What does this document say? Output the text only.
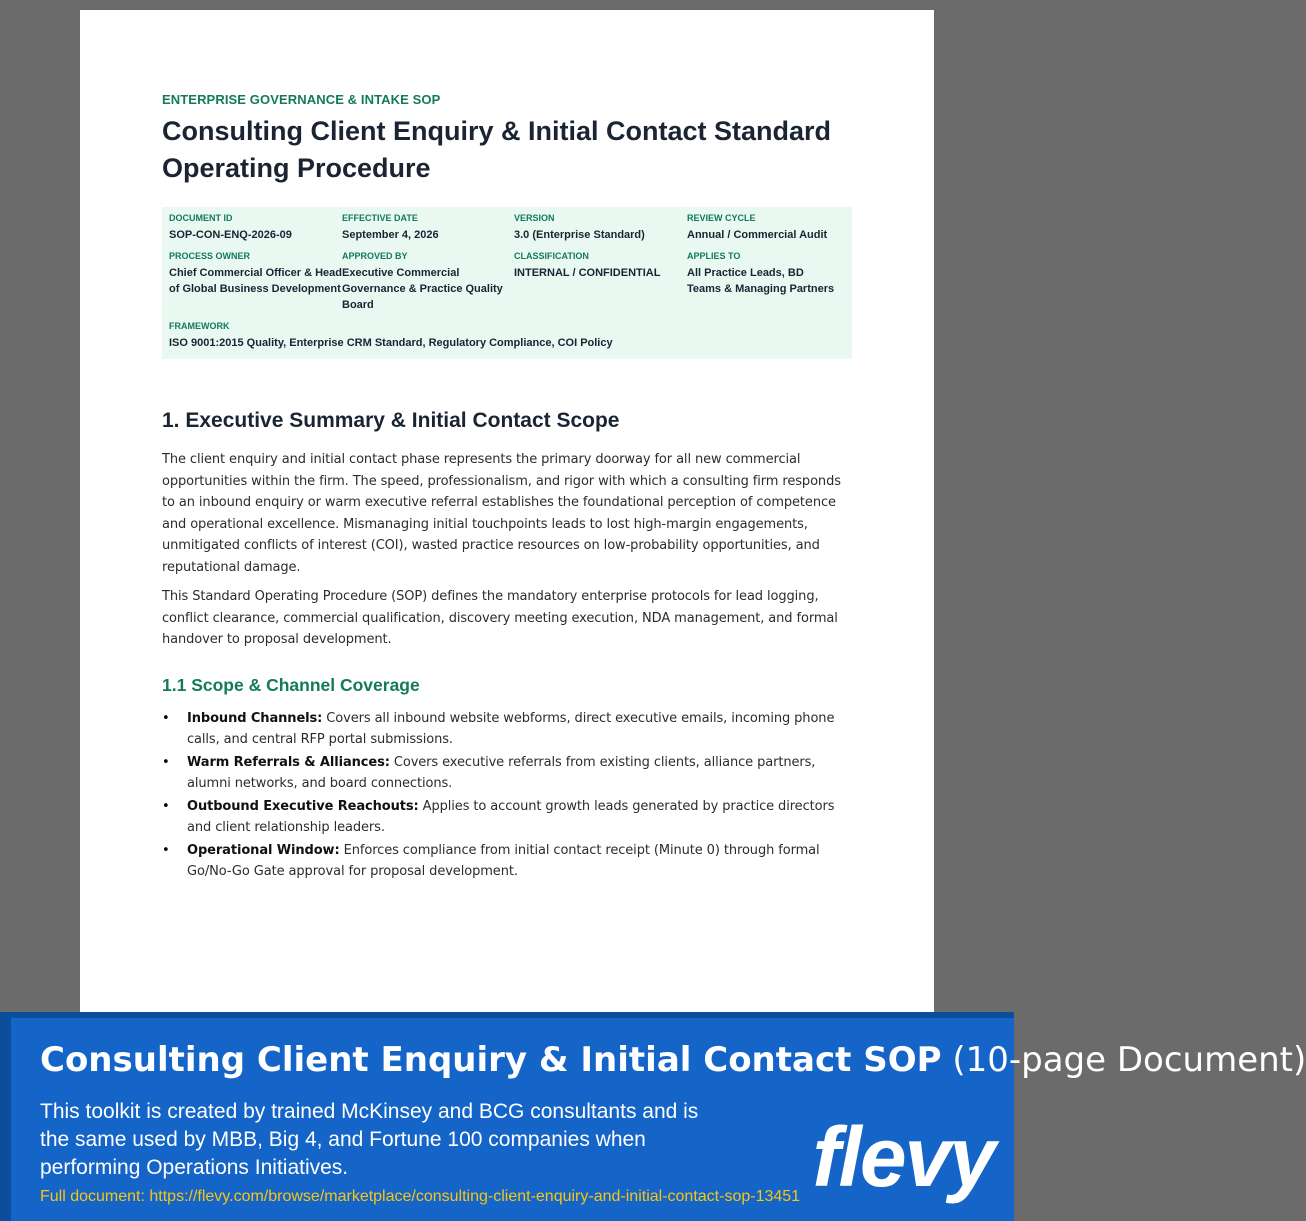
ENTERPRISE GOVERNANCE & INTAKE SOP
Consulting Client Enquiry & Initial Contact Standard Operating Procedure
DOCUMENT ID
SOP-CON-ENQ-2026-09
EFFECTIVE DATE
September 4, 2026
VERSION
3.0 (Enterprise Standard)
REVIEW CYCLE
Annual / Commercial Audit
PROCESS OWNER
Chief Commercial Officer & Head of Global Business Development
APPROVED BY
Executive Commercial Governance & Practice Quality Board
CLASSIFICATION
INTERNAL / CONFIDENTIAL
APPLIES TO
All Practice Leads, BD Teams & Managing Partners
FRAMEWORK
ISO 9001:2015 Quality, Enterprise CRM Standard, Regulatory Compliance, COI Policy
1. Executive Summary & Initial Contact Scope

The client enquiry and initial contact phase represents the primary doorway for all new commercial opportunities within the firm. The speed, professionalism, and rigor with which a consulting firm responds to an inbound enquiry or warm executive referral establishes the foundational perception of competence and operational excellence. Mismanaging initial touchpoints leads to lost high-margin engagements, unmitigated conflicts of interest (COI), wasted practice resources on low-probability opportunities, and reputational damage.

This Standard Operating Procedure (SOP) defines the mandatory enterprise protocols for lead logging, conflict clearance, commercial qualification, discovery meeting execution, NDA management, and formal handover to proposal development.

1.1 Scope & Channel Coverage
• Inbound Channels: Covers all inbound website webforms, direct executive emails, incoming phone calls, and central RFP portal submissions.
• Warm Referrals & Alliances: Covers executive referrals from existing clients, alliance partners, alumni networks, and board connections.
• Outbound Executive Reachouts: Applies to account growth leads generated by practice directors and client relationship leaders.
• Operational Window: Enforces compliance from initial contact receipt (Minute 0) through formal Go/No-Go Gate approval for proposal development.
Consulting Client Enquiry & Initial Contact SOP (10-page Document)
This toolkit is created by trained McKinsey and BCG consultants and is the same used by MBB, Big 4, and Fortune 100 companies when performing Operations Initiatives.
Full document: https://flevy.com/browse/marketplace/consulting-client-enquiry-and-initial-contact-sop-13451 flevy
